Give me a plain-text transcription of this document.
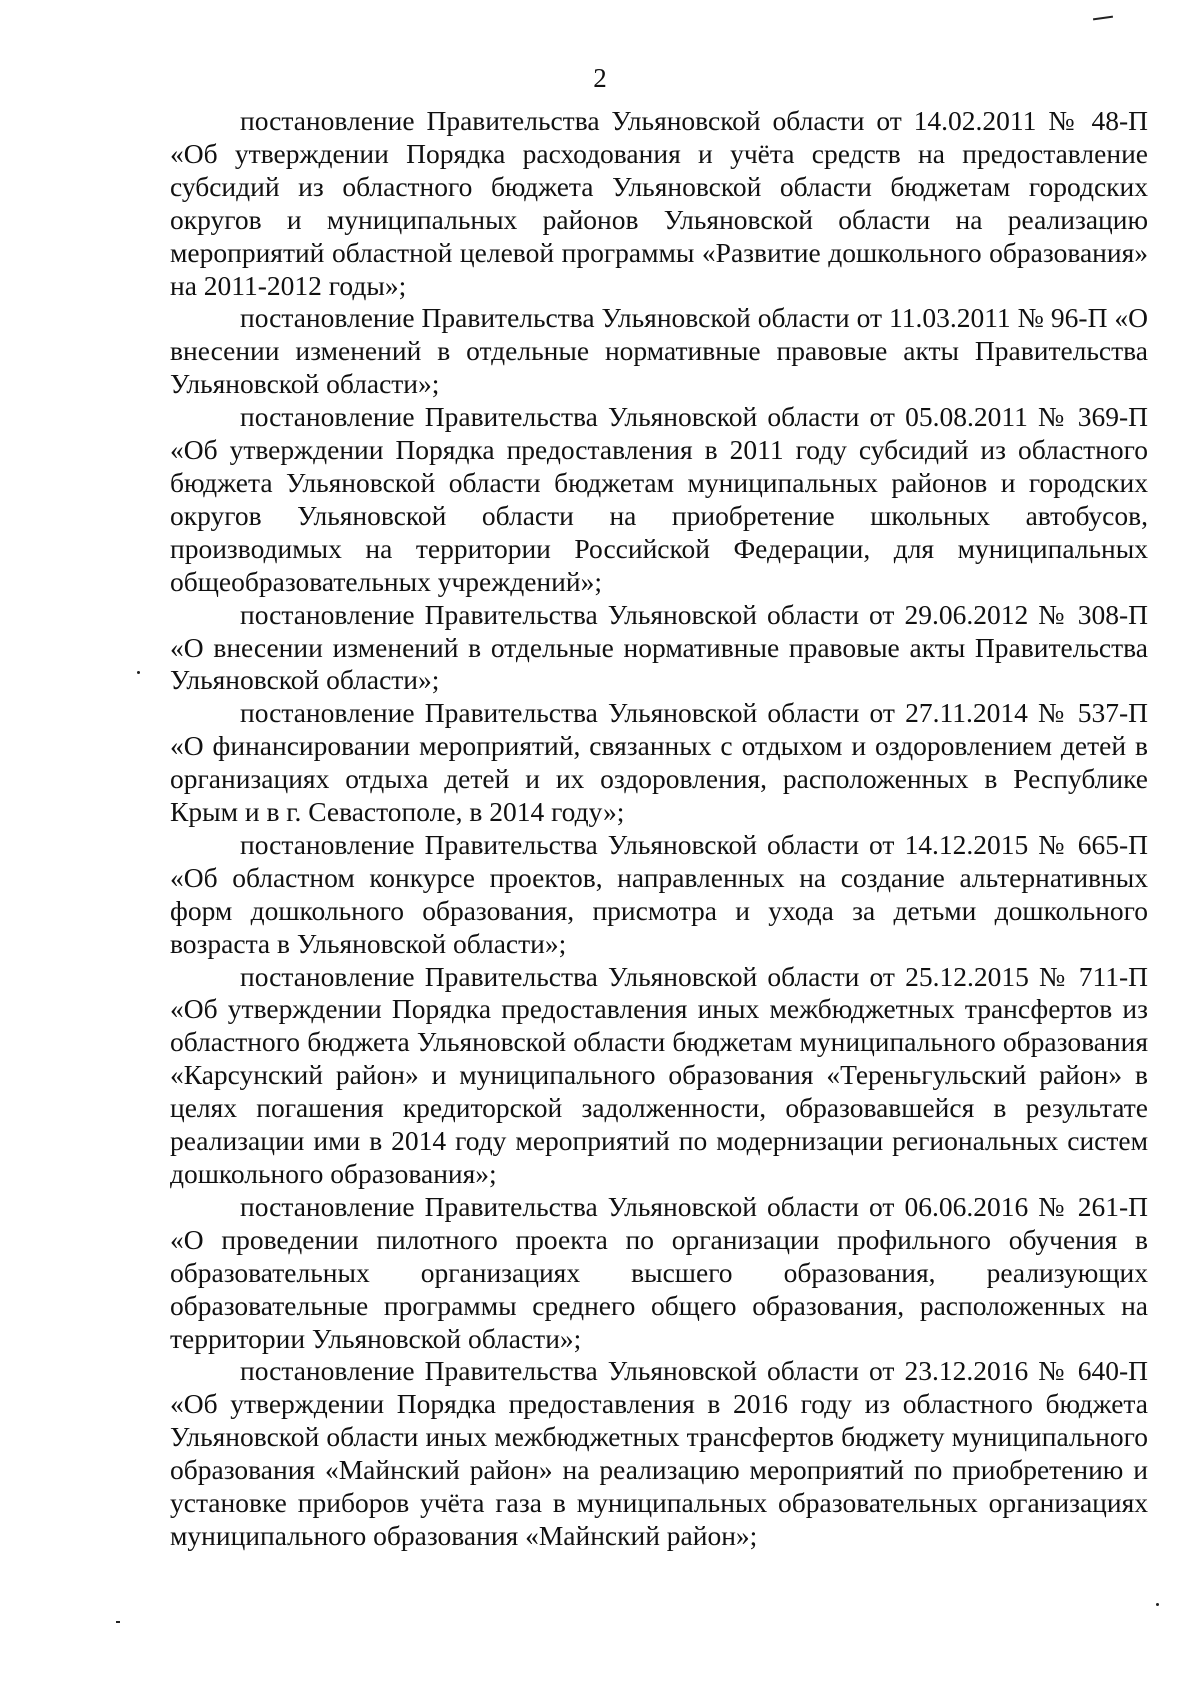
2

постановление Правительства Ульяновской области от 14.02.2011 № 48-П «Об утверждении Порядка расходования и учёта средств на предоставление субсидий из областного бюджета Ульяновской области бюджетам городских округов и муниципальных районов Ульяновской области на реализацию мероприятий областной целевой программы «Развитие дошкольного образования» на 2011-2012 годы»;

постановление Правительства Ульяновской области от 11.03.2011 № 96-П «О внесении изменений в отдельные нормативные правовые акты Правительства Ульяновской области»;

постановление Правительства Ульяновской области от 05.08.2011 № 369-П «Об утверждении Порядка предоставления в 2011 году субсидий из областного бюджета Ульяновской области бюджетам муниципальных районов и городских округов Ульяновской области на приобретение школьных автобусов, производимых на территории Российской Федерации, для муниципальных общеобразовательных учреждений»;

постановление Правительства Ульяновской области от 29.06.2012 № 308-П «О внесении изменений в отдельные нормативные правовые акты Правительства Ульяновской области»;

постановление Правительства Ульяновской области от 27.11.2014 № 537-П «О финансировании мероприятий, связанных с отдыхом и оздоровлением детей в организациях отдыха детей и их оздоровления, расположенных в Республике Крым и в г. Севастополе, в 2014 году»;

постановление Правительства Ульяновской области от 14.12.2015 № 665-П «Об областном конкурсе проектов, направленных на создание альтернативных форм дошкольного образования, присмотра и ухода за детьми дошкольного возраста в Ульяновской области»;

постановление Правительства Ульяновской области от 25.12.2015 № 711-П «Об утверждении Порядка предоставления иных межбюджетных трансфертов из областного бюджета Ульяновской области бюджетам муниципального образования «Карсунский район» и муниципального образования «Тереньгульский район» в целях погашения кредиторской задолженности, образовавшейся в результате реализации ими в 2014 году мероприятий по модернизации региональных систем дошкольного образования»;

постановление Правительства Ульяновской области от 06.06.2016 № 261-П «О проведении пилотного проекта по организации профильного обучения в образовательных организациях высшего образования, реализующих образовательные программы среднего общего образования, расположенных на территории Ульяновской области»;

постановление Правительства Ульяновской области от 23.12.2016 № 640-П «Об утверждении Порядка предоставления в 2016 году из областного бюджета Ульяновской области иных межбюджетных трансфертов бюджету муниципального образования «Майнский район» на реализацию мероприятий по приобретению и установке приборов учёта газа в муниципальных образовательных организациях муниципального образования «Майнский район»;
